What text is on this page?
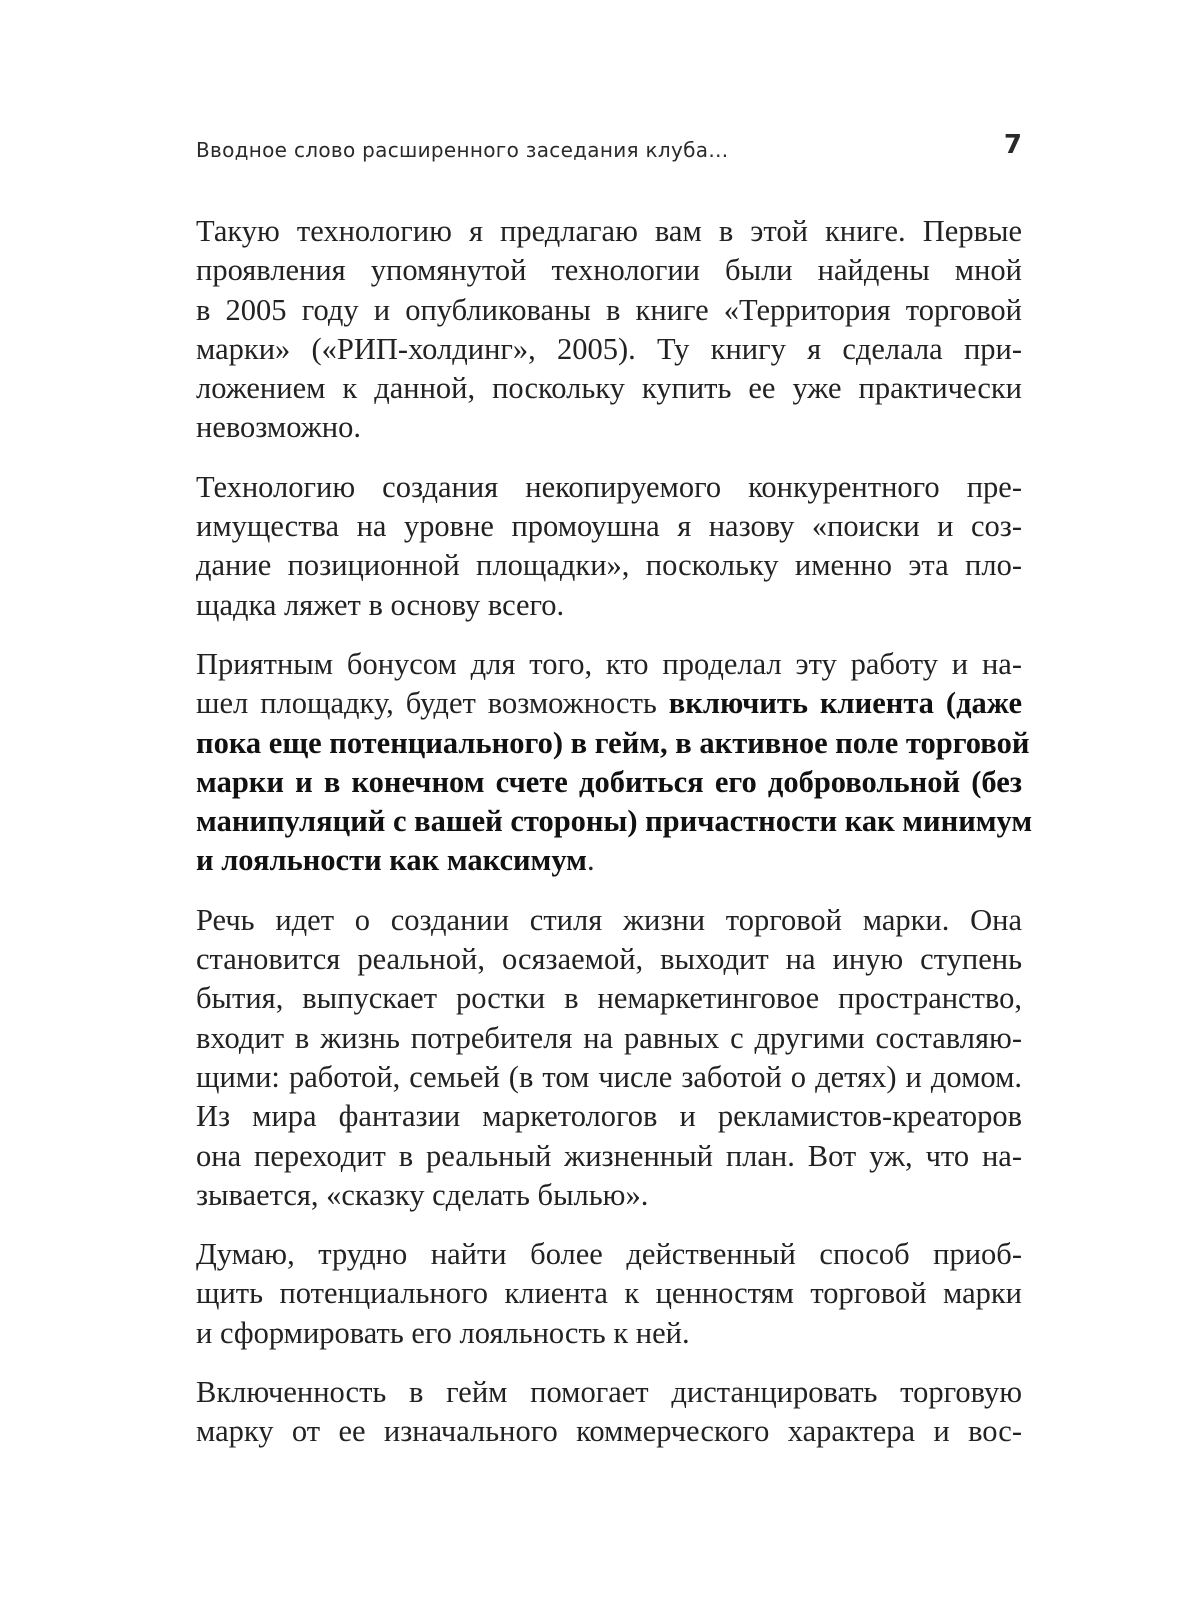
Вводное слово расширенного заседания клуба…	7
Такую технологию я предлагаю вам в этой книге. Первые
проявления упомянутой технологии были найдены мной
в 2005 году и опубликованы в книге «Территория торговой
марки» («РИП-холдинг», 2005). Ту книгу я сделала при-
ложением к данной, поскольку купить ее уже практически
невозможно.
Технологию создания некопируемого конкурентного пре-
имущества на уровне промоушна я назову «поиски и соз-
дание позиционной площадки», поскольку именно эта пло-
щадка ляжет в основу всего.
Приятным бонусом для того, кто проделал эту работу и на-
шел площадку, будет возможность включить клиента (даже
пока еще потенциального) в гейм, в активное поле торговой
марки и в конечном счете добиться его добровольной (без
манипуляций с вашей стороны) причастности как минимум
и лояльности как максимум.
Речь идет о создании стиля жизни торговой марки. Она
становится реальной, осязаемой, выходит на иную ступень
бытия, выпускает ростки в немаркетинговое пространство,
входит в жизнь потребителя на равных с другими составляю-
щими: работой, семьей (в том числе заботой о детях) и домом.
Из мира фантазии маркетологов и рекламистов-креаторов
она переходит в реальный жизненный план. Вот уж, что на-
зывается, «сказку сделать былью».
Думаю, трудно найти более действенный способ приоб-
щить потенциального клиента к ценностям торговой марки
и сформировать его лояльность к ней.
Включенность в гейм помогает дистанцировать торговую
марку от ее изначального коммерческого характера и вос-
